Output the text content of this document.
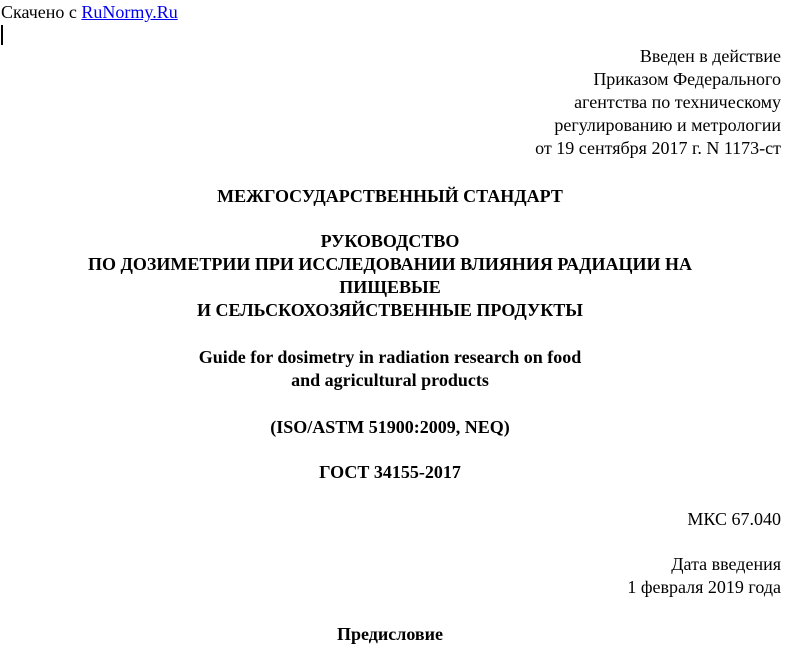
Скачено с RuNormy.Ru
Введен в действие
Приказом Федерального
агентства по техническому
регулированию и метрологии
от 19 сентября 2017 г. N 1173-ст
МЕЖГОСУДАРСТВЕННЫЙ СТАНДАРТ
РУКОВОДСТВО
ПО ДОЗИМЕТРИИ ПРИ ИССЛЕДОВАНИИ ВЛИЯНИЯ РАДИАЦИИ НА
ПИЩЕВЫЕ
И СЕЛЬСКОХОЗЯЙСТВЕННЫЕ ПРОДУКТЫ
Guide for dosimetry in radiation research on food
and agricultural products
(ISO/ASTM 51900:2009, NEQ)
ГОСТ 34155-2017
МКС 67.040
Дата введения
1 февраля 2019 года
Предисловие
